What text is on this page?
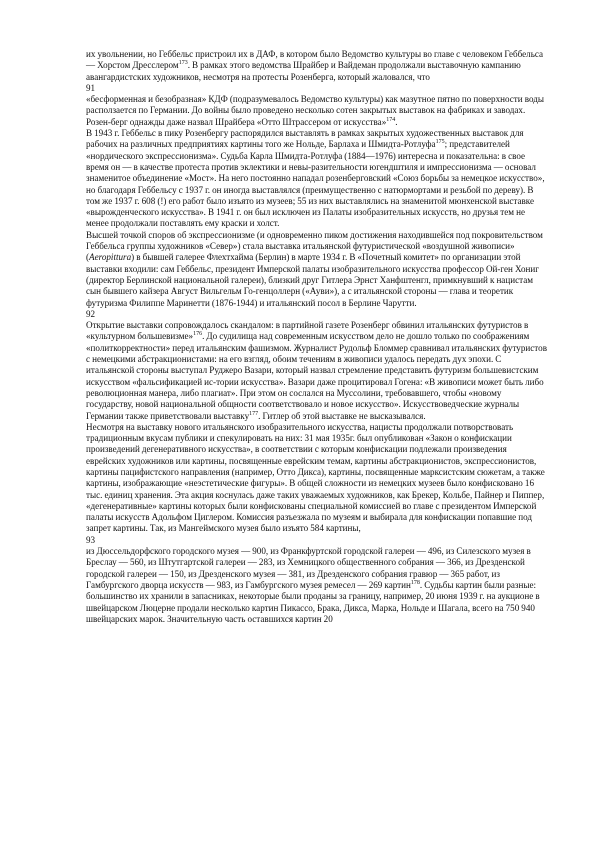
их увольнении, но Геббельс пристроил их в ДАФ, в котором было Ведомство культуры во главе с человеком Геббельса — Хорстом Дресслером$^{173}$. В рамках этого ведомства Шрайбер и Вайдеман продолжали выставочную кампанию авангардистских художников, несмотря на протесты Розенберга, который жаловался, что

91

«бесформенная и безобразная» КДФ (подразумевалось Ведомство культуры) как мазутное пятно по поверхности воды расползается по Германии. До войны было проведено несколько сотен закрытых выставок на фабриках и заводах. Розен-берг однажды даже назвал Шрайбера «Отто Штрассером от искусства»$^{174}$.

В 1943 г. Геббельс в пику Розенбергу распорядился выставлять в рамках закрытых художественных выставок для рабочих на различных предприятиях картины того же Нольде, Барлаха и Шмидта-Ротлуфа$^{175}$; представителей «нордического экспрессионизма». Судьба Карла Шмидта-Ротлуфа (1884—1976) интересна и показательна: в свое время он — в качестве протеста против эклектики и невы-разительности югендштиля и импрессионизма — основал знаменитое объединение «Мост». На него постоянно нападал розенберговский «Союз борьбы за немецкое искусство», но благодаря Геббельсу с 1937 г. он иногда выставлялся (преимущественно с натюрмортами и резьбой по дереву). В том же 1937 г. 608 (!) его работ было изъято из музеев; 55 из них выставлялись на знаменитой мюнхенской выставке «вырожденческого искусства». В 1941 г. он был исключен из Палаты изобразительных искусств, но друзья тем не менее продолжали поставлять ему краски и холст.

Высшей точкой споров об экспрессионизме (и одновременно пиком достижения находившейся под покровительством Геббельса группы художников «Север») стала выставка итальянской футуристической «воздушной живописи» (Aeropittura) в бывшей галерее Флехтхайма (Берлин) в марте 1934 г. В «Почетный комитет» по организации этой выставки входили: сам Геббельс, президент Имперской палаты изобразительного искусства профессор Ой-ген Хониг (директор Берлинской национальной галереи), близкий друг Гитлера Эрнст Ханфштенгл, примкнувший к нацистам сын бывшего кайзера Август Вильгельм Го-генцоллерн («Ауви»), а с итальянской стороны — глава и теоретик футуризма Филиппе Маринетти (1876-1944) и итальянский посол в Берлине Чарутти.

92

Открытие выставки сопровождалось скандалом: в партийной газете Розенберг обвинил итальянских футуристов в «культурном большевизме»$^{176}$. До судилища над современным искусством дело не дошло только по соображениям «политкорректности» перед итальянским фашизмом. Журналист Рудольф Бломмер сравнивал итальянских футуристов с немецкими абстракционистами: на его взгляд, обоим течениям в живописи удалось передать дух эпохи. С итальянской стороны выступал Руджеро Вазари, который назвал стремление представить футуризм большевистским искусством «фальсификацией ис-тории искусства». Вазари даже процитировал Гогена: «В живописи может быть либо революционная манера, либо плагиат». При этом он сослался на Муссолини, требовавшего, чтобы «новому государству, новой национальной общности соответствовало и новое искусство». Искусствоведческие журналы Германии также приветствовали выставку$^{177}$. Гитлер об этой выставке не высказывался.

Несмотря на выставку нового итальянского изобразительного искусства, нацисты продолжали потворствовать традиционным вкусам публики и спекулировать на них: 31 мая 1935г. был опубликован «Закон о конфискации произведений дегенеративного искусства», в соответствии с которым конфискации подлежали произведения еврейских художников или картины, посвященные еврейским темам, картины абстракционистов, экспрессионистов, картины пацифистского направления (например, Отто Дикса), картины, посвященные марксистским сюжетам, а также картины, изображающие «неэстетические фигуры». В общей сложности из немецких музеев было конфисковано 16 тыс. единиц хранения. Эта акция коснулась даже таких уважаемых художников, как Брекер, Кольбе, Пайнер и Пиппер, «дегенеративные» картины которых были конфискованы специальной комиссией во главе с президентом Имперской палаты искусств Адольфом Циглером. Комиссия разъезжала по музеям и выбирала для конфискации попавшие под запрет картины. Так, из Мангеймского музея было изъято 584 картины,

93

из Дюссельдорфского городского музея — 900, из Франкфуртской городской галереи — 496, из Силезского музея в Бреслау — 560, из Штутгартской галереи — 283, из Хемницкого общественного собрания — 366, из Дрезденской городской галереи — 150, из Дрезденского музея — 381, из Дрезденского собрания гравюр — 365 работ, из Гамбургского дворца искусств — 983, из Гамбургского музея ремесел — 269 картин$^{178}$. Судьбы картин были разные: большинство их хранили в запасниках, некоторые были проданы за границу, например, 20 июня 1939 г. на аукционе в швейцарском Люцерне продали несколько картин Пикассо, Брака, Дикса, Марка, Нольде и Шагала, всего на 750 940 швейцарских марок. Значительную часть оставшихся картин 20
